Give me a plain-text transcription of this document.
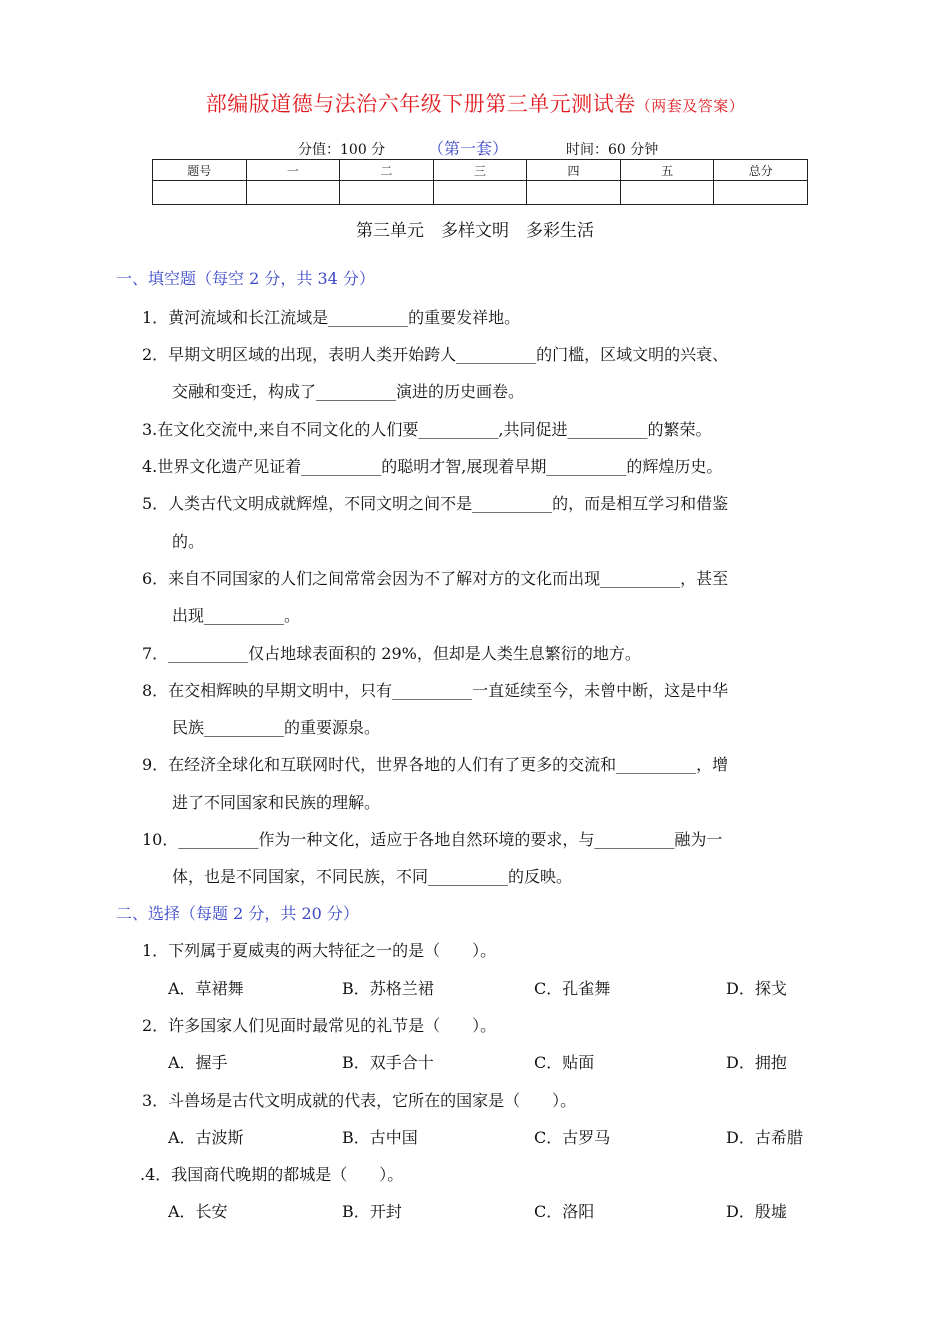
部编版道德与法治六年级下册第三单元测试卷（两套及答案）
分值：100 分	（第一套）	时间：60 分钟
题号	一	二	三	四	五	总分

第三单元　多样文明　多彩生活
一、填空题（每空 2 分，共 34 分）
1．黄河流域和长江流域是__________的重要发祥地。
2．早期文明区域的出现，表明人类开始跨人__________的门槛，区域文明的兴衰、
交融和变迁，构成了__________演进的历史画卷。
3.在文化交流中,来自不同文化的人们要__________,共同促进__________的繁荣。
4.世界文化遗产见证着__________的聪明才智,展现着早期__________的辉煌历史。
5．人类古代文明成就辉煌，不同文明之间不是__________的，而是相互学习和借鉴
的。
6．来自不同国家的人们之间常常会因为不了解对方的文化而出现__________，甚至
出现__________。
7．__________仅占地球表面积的 29%，但却是人类生息繁衍的地方。
8．在交相辉映的早期文明中，只有__________一直延续至今，未曾中断，这是中华
民族__________的重要源泉。
9．在经济全球化和互联网时代，世界各地的人们有了更多的交流和__________，增
进了不同国家和民族的理解。
10．__________作为一种文化，适应于各地自然环境的要求，与__________融为一
体，也是不同国家，不同民族，不同__________的反映。
二、选择（每题 2 分，共 20 分）
1．下列属于夏威夷的两大特征之一的是（　　）。
A．草裙舞	B．苏格兰裙	C．孔雀舞	D．探戈
2．许多国家人们见面时最常见的礼节是（　　）。
A．握手	B．双手合十	C．贴面	D．拥抱
3．斗兽场是古代文明成就的代表，它所在的国家是（　　）。
A．古波斯	B．古中国	C．古罗马	D．古希腊
.4．我国商代晚期的都城是（　　）。
A．长安	B．开封	C．洛阳	D．殷墟
